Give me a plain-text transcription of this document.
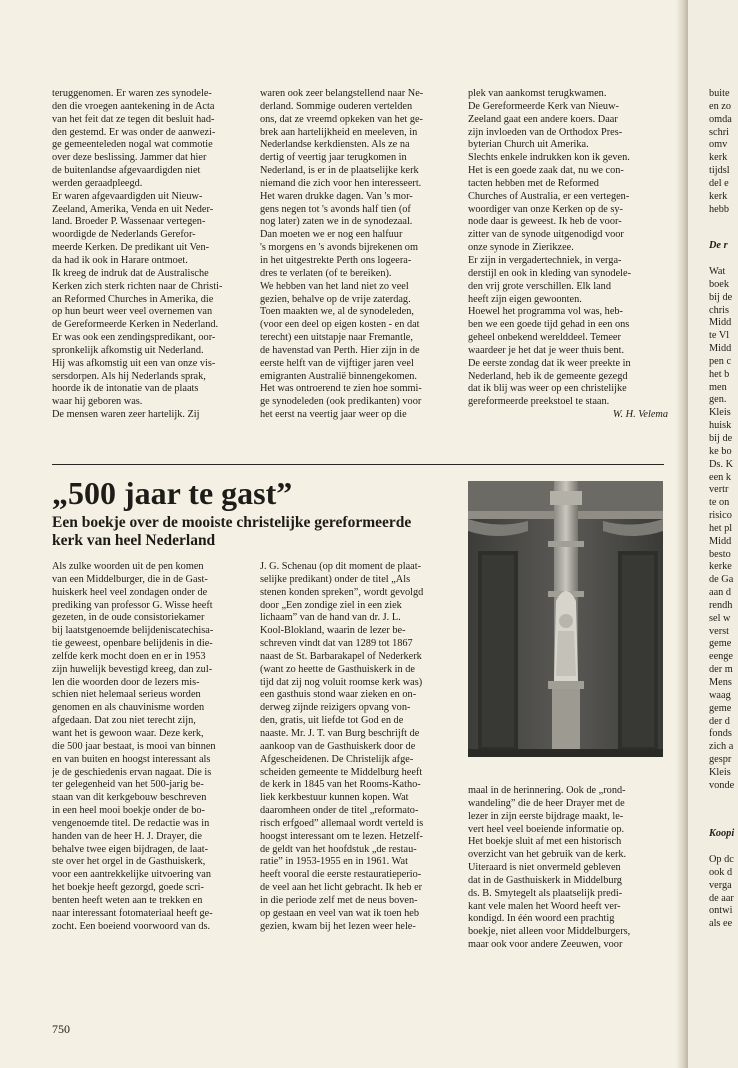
teruggenomen. Er waren zes synodele-
den die vroegen aantekening in de Acta
van het feit dat ze tegen dit besluit had-
den gestemd. Er was onder de aanwezi-
ge gemeenteleden nogal wat commotie
over deze beslissing. Jammer dat hier
de buitenlandse afgevaardigden niet
werden geraadpleegd.
Er waren afgevaardigden uit Nieuw-
Zeeland, Amerika, Venda en uit Neder-
land. Broeder P. Wassenaar vertegen-
woordigde de Nederlands Gerefor-
meerde Kerken. De predikant uit Ven-
da had ik ook in Harare ontmoet.
Ik kreeg de indruk dat de Australische
Kerken zich sterk richten naar de Christi-
an Reformed Churches in Amerika, die
op hun beurt weer veel overnemen van
de Gereformeerde Kerken in Nederland.
Er was ook een zendingspredikant, oor-
spronkelijk afkomstig uit Nederland.
Hij was afkomstig uit een van onze vis-
sersdorpen. Als hij Nederlands sprak,
hoorde ik de intonatie van de plaats
waar hij geboren was.
De mensen waren zeer hartelijk. Zij
waren ook zeer belangstellend naar Ne-
derland. Sommige ouderen vertelden
ons, dat ze vreemd opkeken van het ge-
brek aan hartelijkheid en meeleven, in
Nederlandse kerkdiensten. Als ze na
dertig of veertig jaar terugkomen in
Nederland, is er in de plaatselijke kerk
niemand die zich voor hen interesseert.
Het waren drukke dagen. Van 's mor-
gens negen tot 's avonds half tien (of
nog later) zaten we in de synodezaal.
Dan moeten we er nog een halfuur
's morgens en 's avonds bijrekenen om
in het uitgestrekte Perth ons logeera-
dres te verlaten (of te bereiken).
We hebben van het land niet zo veel
gezien, behalve op de vrije zaterdag.
Toen maakten we, al de synodeleden,
(voor een deel op eigen kosten - en dat
terecht) een uitstapje naar Fremantle,
de havenstad van Perth. Hier zijn in de
eerste helft van de vijftiger jaren veel
emigranten Australië binnengekomen.
Het was ontroerend te zien hoe sommi-
ge synodeleden (ook predikanten) voor
het eerst na veertig jaar weer op die
plek van aankomst terugkwamen.
De Gereformeerde Kerk van Nieuw-
Zeeland gaat een andere koers. Daar
zijn invloeden van de Orthodox Pres-
byterian Church uit Amerika.
Slechts enkele indrukken kon ik geven.
Het is een goede zaak dat, nu we con-
tacten hebben met de Reformed
Churches of Australia, er een vertegen-
woordiger van onze Kerken op de sy-
node daar is geweest. Ik heb de voor-
zitter van de synode uitgenodigd voor
onze synode in Zierikzee.
Er zijn in vergadertechniek, in verga-
derstijl en ook in kleding van synodele-
den vrij grote verschillen. Elk land
heeft zijn eigen gewoonten.
Hoewel het programma vol was, heb-
ben we een goede tijd gehad in een ons
geheel onbekend werelddeel. Temeer
waardeer je het dat je weer thuis bent.
De eerste zondag dat ik weer preekte in
Nederland, heb ik de gemeente gezegd
dat ik blij was weer op een christelijke
gereformeerde preekstoel te staan.
W. H. Velema
„500 jaar te gast”
Een boekje over de mooiste christelijke gereformeerde
kerk van heel Nederland
Als zulke woorden uit de pen komen
van een Middelburger, die in de Gast-
huiskerk heel veel zondagen onder de
prediking van professor G. Wisse heeft
gezeten, in de oude consistoriekamer
bij laatstgenoemde belijdeniscatechisa-
tie geweest, openbare belijdenis in die-
zelfde kerk mocht doen en er in 1953
zijn huwelijk bevestigd kreeg, dan zul-
len die woorden door de lezers mis-
schien niet helemaal serieus worden
genomen en als chauvinisme worden
afgedaan. Dat zou niet terecht zijn,
want het is gewoon waar. Deze kerk,
die 500 jaar bestaat, is mooi van binnen
en van buiten en hoogst interessant als
je de geschiedenis ervan nagaat. Die is
ter gelegenheid van het 500-jarig be-
staan van dit kerkgebouw beschreven
in een heel mooi boekje onder de bo-
vengenoemde titel. De redactie was in
handen van de heer H. J. Drayer, die
behalve twee eigen bijdragen, de laat-
ste over het orgel in de Gasthuiskerk,
voor een aantrekkelijke uitvoering van
het boekje heeft gezorgd, goede scri-
benten heeft weten aan te trekken en
naar interessant fotomateriaal heeft ge-
zocht. Een boeiend voorwoord van ds.
J. G. Schenau (op dit moment de plaat-
selijke predikant) onder de titel „Als
stenen konden spreken”, wordt gevolgd
door „Een zondige ziel in een ziek
lichaam” van de hand van dr. J. L.
Kool-Blokland, waarin de lezer be-
schreven vindt dat van 1289 tot 1867
naast de St. Barbarakapel of Nederkerk
(want zo heette de Gasthuiskerk in de
tijd dat zij nog voluit roomse kerk was)
een gasthuis stond waar zieken en on-
derweg zijnde reizigers opvang von-
den, gratis, uit liefde tot God en de
naaste. Mr. J. T. van Burg beschrijft de
aankoop van de Gasthuiskerk door de
Afgescheidenen. De Christelijk afge-
scheiden gemeente te Middelburg heeft
de kerk in 1845 van het Rooms-Katho-
liek kerkbestuur kunnen kopen. Wat
daaromheen onder de titel „reformato-
risch erfgoed” allemaal wordt verteld is
hoogst interessant om te lezen. Hetzelf-
de geldt van het hoofdstuk „de restau-
ratie” in 1953-1955 en in 1961. Wat
heeft vooral die eerste restauratieperio-
de veel aan het licht gebracht. Ik heb er
in die periode zelf met de neus boven-
op gestaan en veel van wat ik toen heb
gezien, kwam bij het lezen weer hele-
maal in de herinnering. Ook de „rond-
wandeling” die de heer Drayer met de
lezer in zijn eerste bijdrage maakt, le-
vert heel veel boeiende informatie op.
Het boekje sluit af met een historisch
overzicht van het gebruik van de kerk.
Uiteraard is niet onvermeld gebleven
dat in de Gasthuiskerk in Middelburg
ds. B. Smytegelt als plaatselijk predi-
kant vele malen het Woord heeft ver-
kondigd. In één woord een prachtig
boekje, niet alleen voor Middelburgers,
maar ook voor andere Zeeuwen, voor
750
buite
en zo
omda
schri
omv
kerk
tijdsl
del e
kerk
hebb
De r
Wat
boek
bij de
chris
Midd
te Vl
Midd
pen c
het b
men
gen.
Kleis
huisk
bij de
ke bo
Ds. K
een k
vertr
te on
risico
het pl
Midd
besto
kerke
de Ga
aan d
rendh
sel w
verst
geme
eenge
der m
Mens
waag
geme
der d
fonds
zich a
gespr
Kleis
vonde
Koopi
Op dc
ook d
verga
de aar
ontwi
als ee
